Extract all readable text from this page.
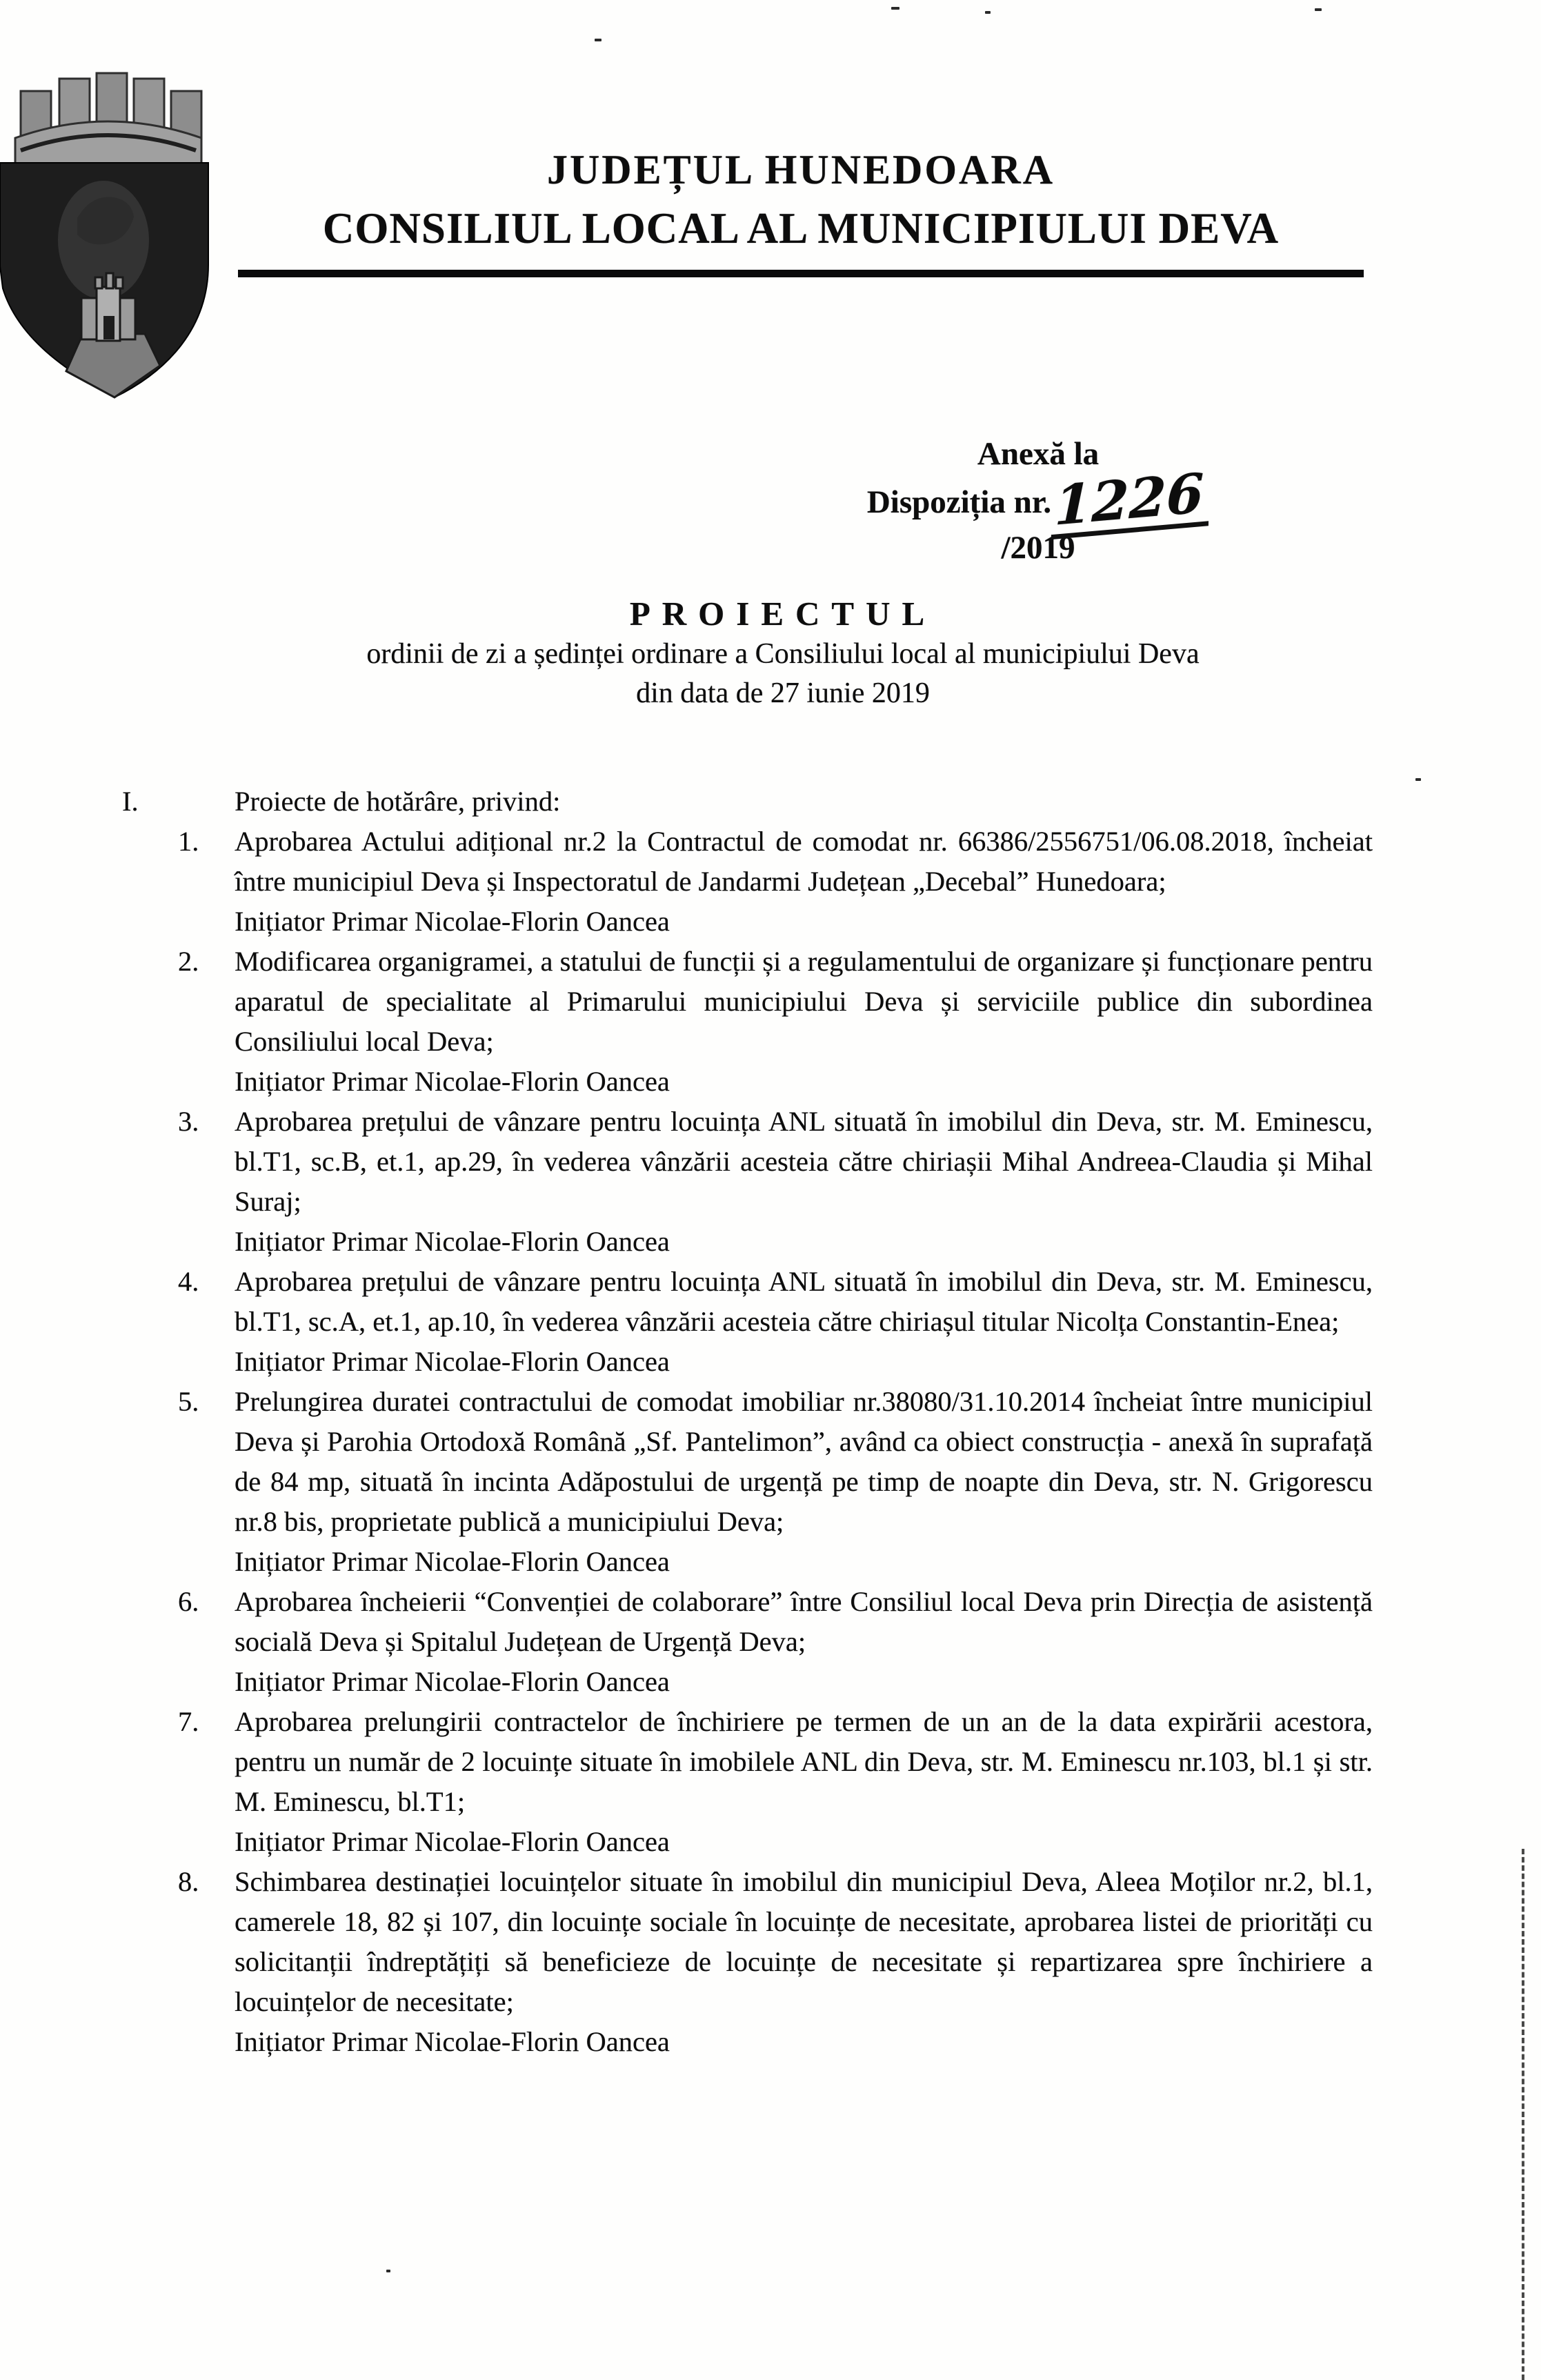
JUDEȚUL HUNEDOARA
CONSILIUL LOCAL AL MUNICIPIULUI DEVA
Anexă la
Dispoziția nr.1226/2019
PROIECTUL
ordinii de zi a ședinței ordinare a Consiliului local al municipiului Deva
din data de 27 iunie 2019
I.	Proiecte de hotărâre, privind:
1. Aprobarea Actului adițional nr.2 la Contractul de comodat nr. 66386/2556751/06.08.2018, încheiat între municipiul Deva și Inspectoratul de Jandarmi Județean „Decebal” Hunedoara;
Inițiator Primar Nicolae-Florin Oancea
2. Modificarea organigramei, a statului de funcții și a regulamentului de organizare și funcționare pentru aparatul de specialitate al Primarului municipiului Deva și serviciile publice din subordinea Consiliului local Deva;
Inițiator Primar Nicolae-Florin Oancea
3. Aprobarea prețului de vânzare pentru locuința ANL situată în imobilul din Deva, str. M. Eminescu, bl.T1, sc.B, et.1, ap.29, în vederea vânzării acesteia către chiriașii Mihal Andreea-Claudia și Mihal Suraj;
Inițiator Primar Nicolae-Florin Oancea
4. Aprobarea prețului de vânzare pentru locuința ANL situată în imobilul din Deva, str. M. Eminescu, bl.T1, sc.A, et.1, ap.10, în vederea vânzării acesteia către chiriașul titular Nicolța Constantin-Enea;
Inițiator Primar Nicolae-Florin Oancea
5. Prelungirea duratei contractului de comodat imobiliar nr.38080/31.10.2014 încheiat între municipiul Deva și Parohia Ortodoxă Română „Sf. Pantelimon”, având ca obiect construcția - anexă în suprafață de 84 mp, situată în incinta Adăpostului de urgență pe timp de noapte din Deva, str. N. Grigorescu nr.8 bis, proprietate publică a municipiului Deva;
Inițiator Primar Nicolae-Florin Oancea
6. Aprobarea încheierii “Convenției de colaborare” între Consiliul local Deva prin Direcția de asistență socială Deva și Spitalul Județean de Urgență Deva;
Inițiator Primar Nicolae-Florin Oancea
7. Aprobarea prelungirii contractelor de închiriere pe termen de un an de la data expirării acestora, pentru un număr de 2 locuințe situate în imobilele ANL din Deva, str. M. Eminescu nr.103, bl.1 și str. M. Eminescu, bl.T1;
Inițiator Primar Nicolae-Florin Oancea
8. Schimbarea destinației locuințelor situate în imobilul din municipiul Deva, Aleea Moților nr.2, bl.1, camerele 18, 82 și 107, din locuințe sociale în locuințe de necesitate, aprobarea listei de priorități cu solicitanții îndreptățiți să beneficieze de locuințe de necesitate și repartizarea spre închiriere a locuințelor de necesitate;
Inițiator Primar Nicolae-Florin Oancea
